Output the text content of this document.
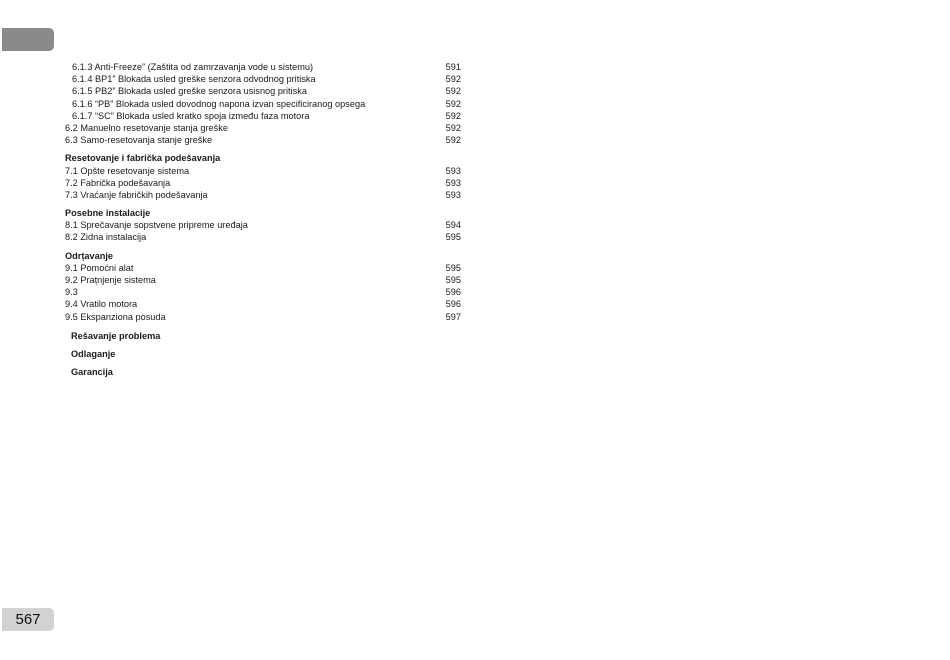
6.1.3 Anti-Freeze” (Zaštita od zamrzavanja vode u sistemu)	591
6.1.4 BP1” Blokada usled greške senzora odvodnog pritiska	592
6.1.5 PB2” Blokada usled greške senzora usisnog pritiska	592
6.1.6 “PB” Blokada usled dovodnog napona izvan specificiranog opsega	592
6.1.7 “SC” Blokada usled kratko spoja između faza motora	592
6.2 Manuelno resetovanje stanja greške	592
6.3 Samo-resetovanja stanje greške	592
Resetovanje i fabrička podešavanja
7.1 Opšte resetovanje sistema	593
7.2 Fabrička podešavanja	593
7.3 Vraćanje fabričkih podešavanja	593
Posebne instalacije
8.1 Sprečavanje sopstvene pripreme uređaja	594
8.2 Zidna instalacija	595
Odrțavanje
9.1 Pomoćni alat	595
9.2 Prațnjenje sistema	595
9.3	596
9.4 Vratilo motora	596
9.5 Ekspanziona posuda	597
Rešavanje problema
Odlaganje
Garancija
567
